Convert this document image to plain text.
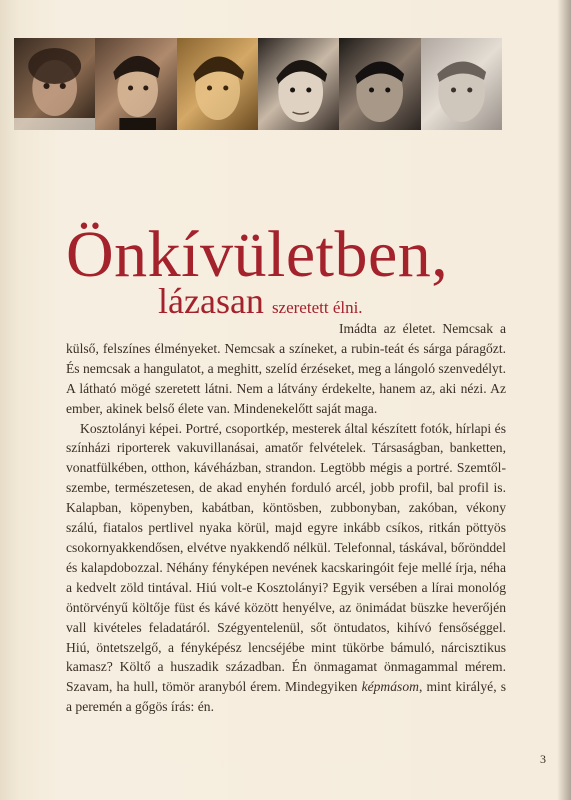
Önkívületben,
lázasan szeretett élni.

Imádta az életet. Nemcsak a külső, felszínes élményeket. Nemcsak a színeket, a rubin-teát és sárga páragőzt. És nemcsak a hangulatot, a meghitt, szelíd érzéseket, meg a lángoló szenvedélyt. A látható mögé szeretett látni. Nem a látvány érdekelte, hanem az, aki nézi. Az ember, akinek belső élete van. Mindenekelőtt saját maga.

Kosztolányi képei. Portré, csoportkép, mesterek által készített fotók, hírlapi és színházi riporterek vakuvillanásai, amatőr felvételek. Társaságban, banketten, vonatfülkében, otthon, kávéházban, strandon. Legtöbb mégis a portré. Szemtől-szembe, természetesen, de akad enyhén forduló arcél, jobb profil, bal profil is. Kalapban, köpenyben, kabátban, köntösben, zubbonyban, zakóban, vékony szálú, fiatalos pertlivel nyaka körül, majd egyre inkább csíkos, ritkán pöttyös csokornyakkendősen, elvétve nyakkendő nélkül. Telefonnal, táskával, bőrönddel és kalapdobozzal. Néhány fényképen nevének kacskaringóit feje mellé írja, néha a kedvelt zöld tintával. Hiú volt-e Kosztolányi? Egyik versében a lírai monológ öntörvényű költője füst és kávé között henyélve, az önimádat büszke heverőjén vall kivételes feladatáról. Szégyentelenül, sőt öntudatos, kihívó fensőséggel. Hiú, öntetszelgő, a fényképész lencséjébe mint tükörbe bámuló, nárcisztikus kamasz? Költő a huszadik században. Én önmagamat önmagammal mérem. Szavam, ha hull, tömör aranyból érem. Mindegyiken képmásom, mint királyé, s a peremén a gőgös írás: én.

3
